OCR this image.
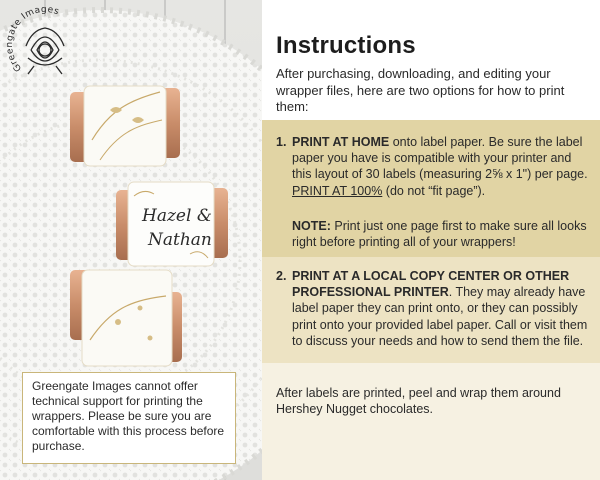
Hazel &
Nathan
Greengate Images
Greengate Images cannot offer technical support for printing the wrappers. Please be sure you are comfortable with this process before purchase.
Instructions
After purchasing, downloading, and editing your wrapper files, here are two options for how to print them:
1. PRINT AT HOME onto label paper. Be sure the label paper you have is compatible with your printer and this layout of 30 labels (measuring 2⅝ x 1") per page. PRINT AT 100% (do not “fit page”).
NOTE: Print just one page first to make sure all looks right before printing all of your wrappers!
2. PRINT AT A LOCAL COPY CENTER OR OTHER PROFESSIONAL PRINTER. They may already have label paper they can print onto, or they can possibly print onto your provided label paper. Call or visit them to discuss your needs and how to send them the file.
After labels are printed, peel and wrap them around Hershey Nugget chocolates.
